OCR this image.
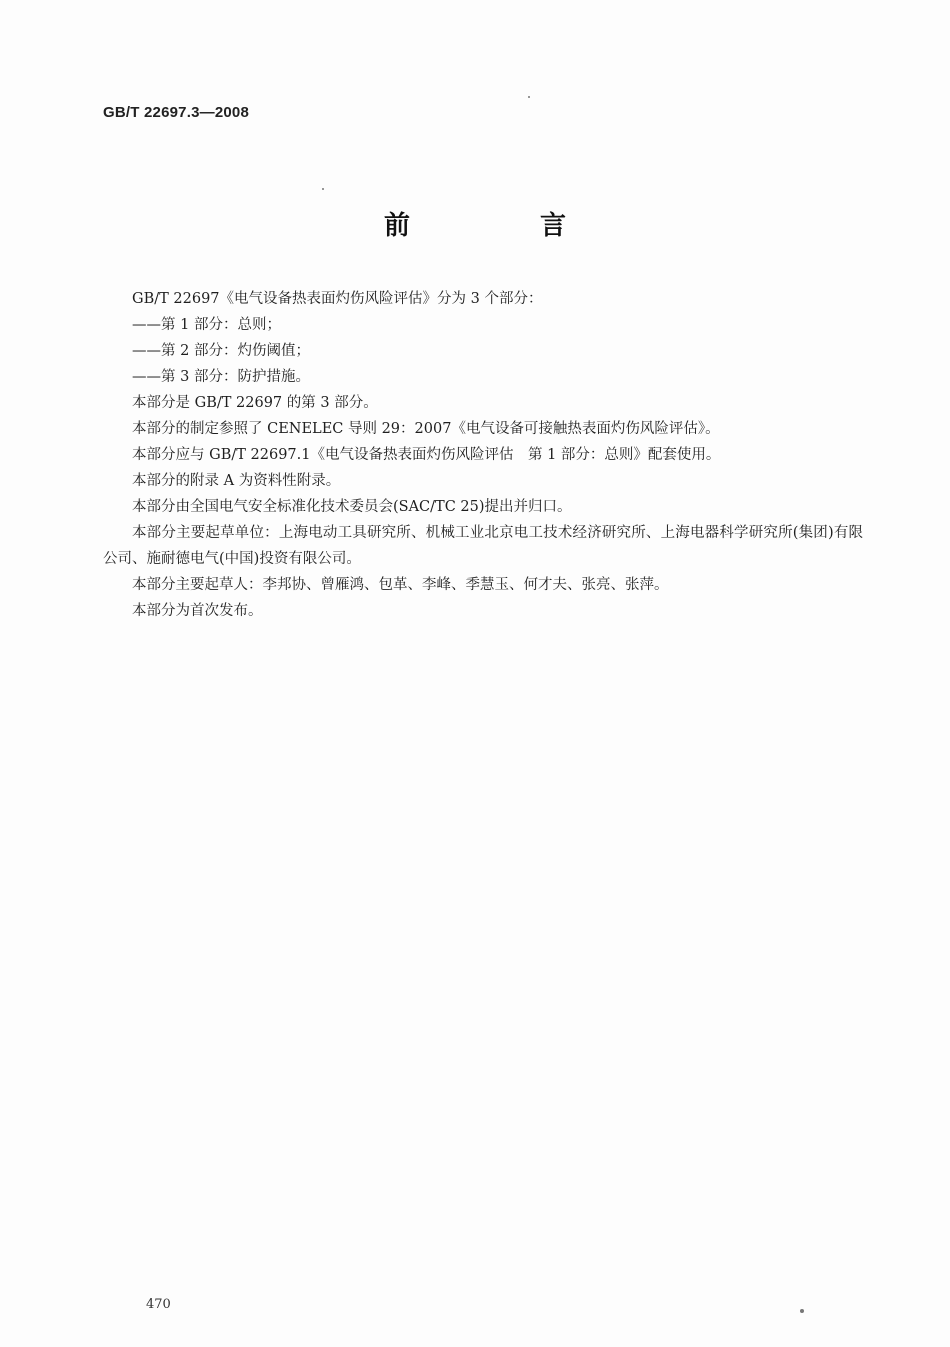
GB/T 22697.3—2008
前　言

GB/T 22697《电气设备热表面灼伤风险评估》分为 3 个部分：

——第 1 部分：总则；

——第 2 部分：灼伤阈值；

——第 3 部分：防护措施。

本部分是 GB/T 22697 的第 3 部分。

本部分的制定参照了 CENELEC 导则 29：2007《电气设备可接触热表面灼伤风险评估》。

本部分应与 GB/T 22697.1《电气设备热表面灼伤风险评估　第 1 部分：总则》配套使用。

本部分的附录 A 为资料性附录。

本部分由全国电气安全标准化技术委员会(SAC/TC 25)提出并归口。

本部分主要起草单位：上海电动工具研究所、机械工业北京电工技术经济研究所、上海电器科学研究所(集团)有限公司、施耐德电气(中国)投资有限公司。

本部分主要起草人：李邦协、曾雁鸿、包革、李峰、季慧玉、何才夫、张亮、张萍。

本部分为首次发布。

470
